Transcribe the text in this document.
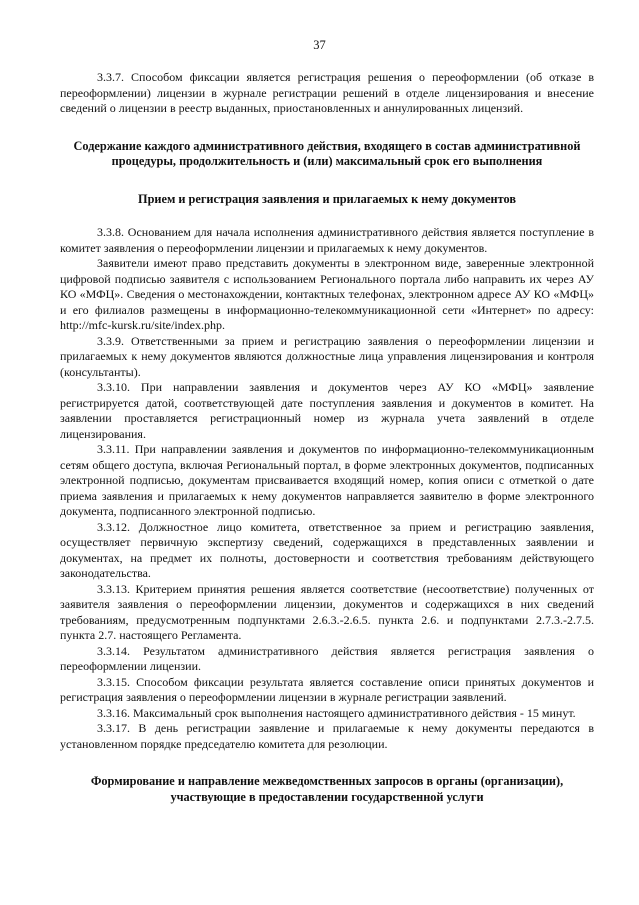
37

3.3.7. Способом фиксации является регистрация решения о переоформлении (об отказе в переоформлении) лицензии в журнале регистрации решений в отделе лицензирования и внесение сведений о лицензии в реестр выданных, приостановленных и аннулированных лицензий.

Содержание каждого административного действия, входящего в состав административной процедуры, продолжительность и (или) максимальный срок его выполнения
Прием и регистрация заявления и прилагаемых к нему документов

3.3.8. Основанием для начала исполнения административного действия является поступление в комитет заявления о переоформлении лицензии и прилагаемых к нему документов.

Заявители имеют право представить документы в электронном виде, заверенные электронной цифровой подписью заявителя с использованием Регионального портала либо направить их через АУ КО «МФЦ». Сведения о местонахождении, контактных телефонах, электронном адресе АУ КО «МФЦ» и его филиалов размещены в информационно-телекоммуникационной сети «Интернет» по адресу: http://mfc-kursk.ru/site/index.php.

3.3.9. Ответственными за прием и регистрацию заявления о переоформлении лицензии и прилагаемых к нему документов являются должностные лица управления лицензирования и контроля (консультанты).

3.3.10. При направлении заявления и документов через АУ КО «МФЦ» заявление регистрируется датой, соответствующей дате поступления заявления и документов в комитет. На заявлении проставляется регистрационный номер из журнала учета заявлений в отделе лицензирования.

3.3.11. При направлении заявления и документов по информационно-телекоммуникационным сетям общего доступа, включая Региональный портал, в форме электронных документов, подписанных электронной подписью, документам присваивается входящий номер, копия описи с отметкой о дате приема заявления и прилагаемых к нему документов направляется заявителю в форме электронного документа, подписанного электронной подписью.

3.3.12. Должностное лицо комитета, ответственное за прием и регистрацию заявления, осуществляет первичную экспертизу сведений, содержащихся в представленных заявлении и документах, на предмет их полноты, достоверности и соответствия требованиям действующего законодательства.

3.3.13. Критерием принятия решения является соответствие (несоответствие) полученных от заявителя заявления о переоформлении лицензии, документов и содержащихся в них сведений требованиям, предусмотренным подпунктами 2.6.3.-2.6.5. пункта 2.6. и подпунктами 2.7.3.-2.7.5. пункта 2.7. настоящего Регламента.

3.3.14. Результатом административного действия является регистрация заявления о переоформлении лицензии.

3.3.15. Способом фиксации результата является составление описи принятых документов и регистрация заявления о переоформлении лицензии в журнале регистрации заявлений.

3.3.16. Максимальный срок выполнения настоящего административного действия - 15 минут.

3.3.17. В день регистрации заявление и прилагаемые к нему документы передаются в установленном порядке председателю комитета для резолюции.

Формирование и направление межведомственных запросов в органы (организации), участвующие в предоставлении государственной услуги
